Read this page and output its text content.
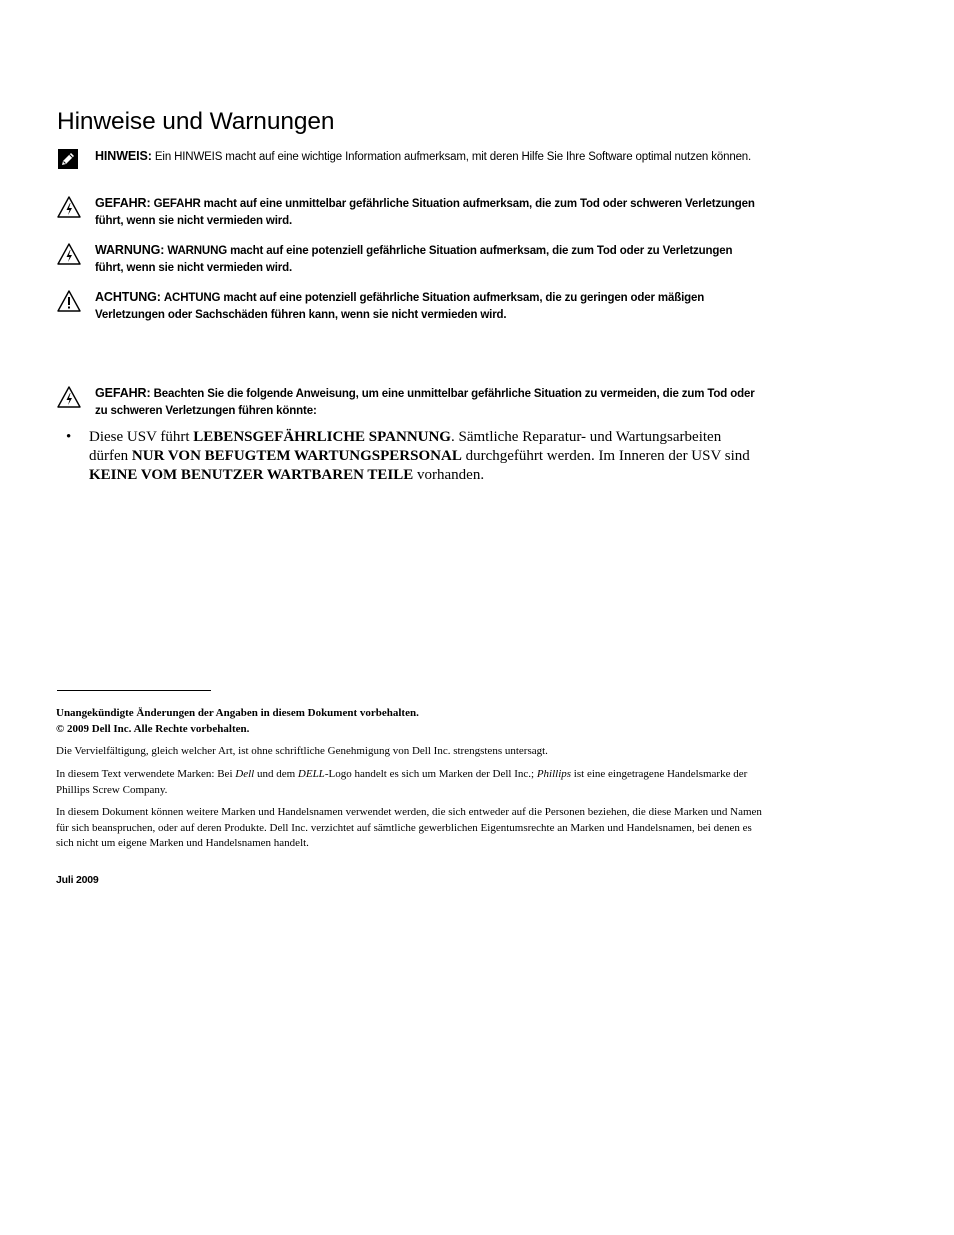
Hinweise und Warnungen
HINWEIS: Ein HINWEIS macht auf eine wichtige Information aufmerksam, mit deren Hilfe Sie Ihre Software optimal nutzen können.
GEFAHR: GEFAHR macht auf eine unmittelbar gefährliche Situation aufmerksam, die zum Tod oder schweren Verletzungen führt, wenn sie nicht vermieden wird.
WARNUNG: WARNUNG macht auf eine potenziell gefährliche Situation aufmerksam, die zum Tod oder zu Verletzungen führt, wenn sie nicht vermieden wird.
ACHTUNG: ACHTUNG macht auf eine potenziell gefährliche Situation aufmerksam, die zu geringen oder mäßigen Verletzungen oder Sachschäden führen kann, wenn sie nicht vermieden wird.
GEFAHR: Beachten Sie die folgende Anweisung, um eine unmittelbar gefährliche Situation zu vermeiden, die zum Tod oder zu schweren Verletzungen führen könnte:
• Diese USV führt LEBENSGEFÄHRLICHE SPANNUNG. Sämtliche Reparatur- und Wartungsarbeiten dürfen NUR VON BEFUGTEM WARTUNGSPERSONAL durchgeführt werden. Im Inneren der USV sind KEINE VOM BENUTZER WARTBAREN TEILE vorhanden.

Unangekündigte Änderungen der Angaben in diesem Dokument vorbehalten.

© 2009 Dell Inc. Alle Rechte vorbehalten.

Die Vervielfältigung, gleich welcher Art, ist ohne schriftliche Genehmigung von Dell Inc. strengstens untersagt.

In diesem Text verwendete Marken: Bei Dell und dem DELL-Logo handelt es sich um Marken der Dell Inc.; Phillips ist eine eingetragene Handelsmarke der Phillips Screw Company.

In diesem Dokument können weitere Marken und Handelsnamen verwendet werden, die sich entweder auf die Personen beziehen, die diese Marken und Namen für sich beanspruchen, oder auf deren Produkte. Dell Inc. verzichtet auf sämtliche gewerblichen Eigentumsrechte an Marken und Handelsnamen, bei denen es sich nicht um eigene Marken und Handelsnamen handelt.

Juli 2009
